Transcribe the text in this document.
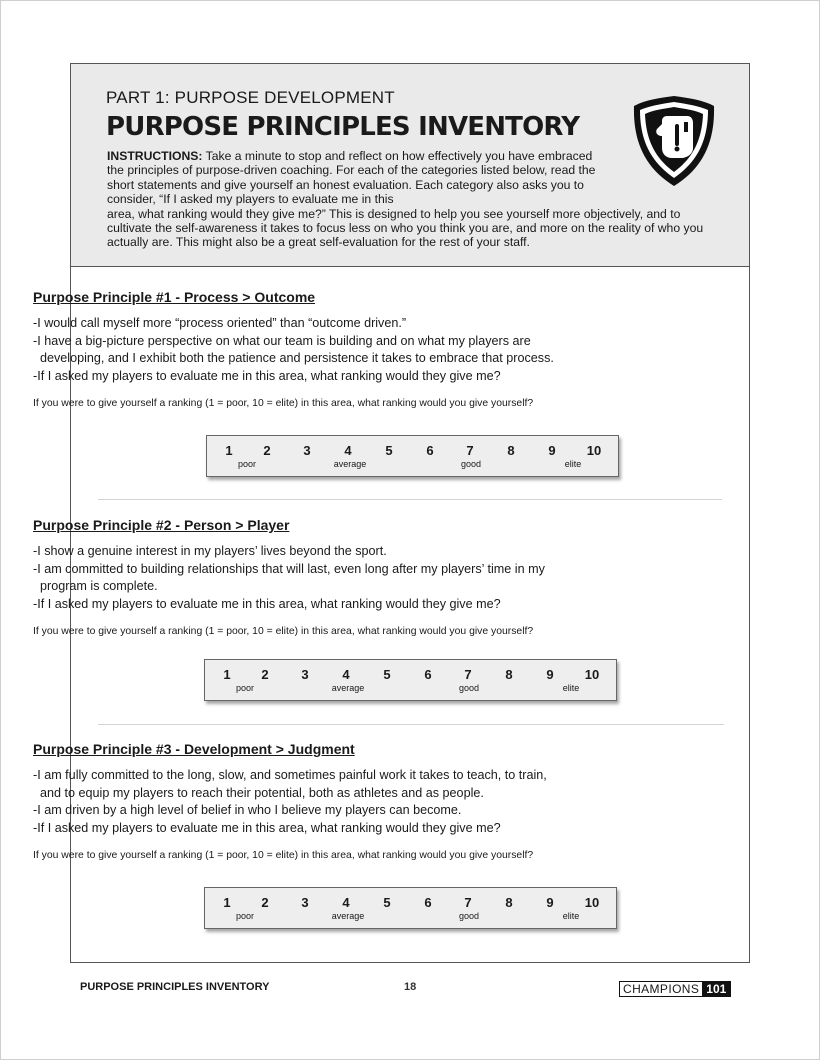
PART 1: PURPOSE DEVELOPMENT
PURPOSE PRINCIPLES INVENTORY
INSTRUCTIONS: Take a minute to stop and reflect on how effectively you have embraced the principles of purpose-driven coaching. For each of the categories listed below, read the short statements and give yourself an honest evaluation. Each category also asks you to consider, “If I asked my players to evaluate me in this
area, what ranking would they give me?” This is designed to help you see yourself more objectively, and to cultivate the self-awareness it takes to focus less on who you think you are, and more on the reality of who you actually are. This might also be a great self-evaluation for the rest of your staff.
Purpose Principle #1 - Process > Outcome
-I would call myself more “process oriented” than “outcome driven.”
-I have a big-picture perspective on what our team is building and on what my players are
developing, and I exhibit both the patience and persistence it takes to embrace that process.
-If I asked my players to evaluate me in this area, what ranking would they give me?
If you were to give yourself a ranking (1 = poor, 10 = elite) in this area, what ranking would you give yourself?
1 2	3	4	5	6	7	8	9 10
poor	average	good	elite
Purpose Principle #2 - Person > Player
-I show a genuine interest in my players’ lives beyond the sport.
-I am committed to building relationships that will last, even long after my players’ time in my
program is complete.
-If I asked my players to evaluate me in this area, what ranking would they give me?
If you were to give yourself a ranking (1 = poor, 10 = elite) in this area, what ranking would you give yourself?
1 2	3	4	5	6	7	8	9 10
poor	average	good	elite
Purpose Principle #3 - Development > Judgment
-I am fully committed to the long, slow, and sometimes painful work it takes to teach, to train,
and to equip my players to reach their potential, both as athletes and as people.
-I am driven by a high level of belief in who I believe my players can become.
-If I asked my players to evaluate me in this area, what ranking would they give me?
If you were to give yourself a ranking (1 = poor, 10 = elite) in this area, what ranking would you give yourself?
1 2	3	4	5	6	7	8	9 10
poor	average	good	elite
PURPOSE PRINCIPLES INVENTORY	18	CHAMPIONS 101
